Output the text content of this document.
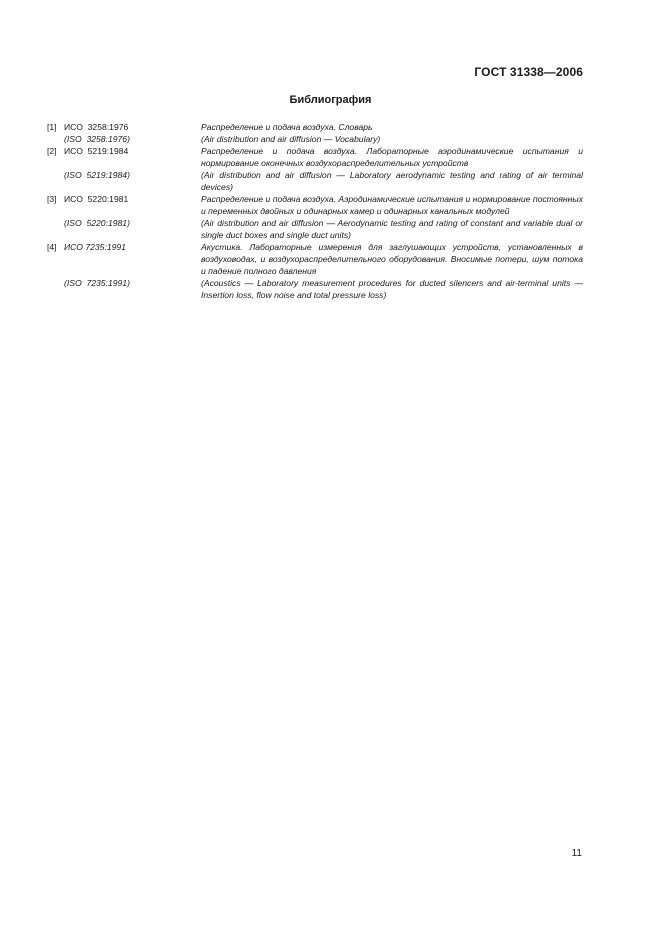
ГОСТ 31338—2006
Библиография
[1] ИСО  3258:1976	Распределение и подача воздуха. Словарь
(ISO  3258:1976)	(Air distribution and air diffusion — Vocabulary)
[2] ИСО  5219:1984	Распределение и подача воздуха. Лабораторные аэродинамические испытания и нормирование оконечных воздухораспределительных устройств
(ISO  5219:1984)	(Air distribution and air diffusion — Laboratory aerodynamic testing and rating of air terminal devices)
[3] ИСО  5220:1981	Распределение и подача воздуха. Аэродинамические испытания и нормирование постоянных и переменных двойных и одинарных камер и одинарных канальных модулей
(ISO  5220:1981)	(Air distribution and air diffusion — Aerodynamic testing and rating of constant and variable dual or single duct boxes and single duct units)
[4] ИСО 7235:1991	Акустика. Лабораторные измерения для заглушающих устройств, установленных в воздуховодах, и воздухораспределительного оборудования. Вносимые потери, шум потока и падение полного давления
(ISO  7235:1991)	(Acoustics — Laboratory measurement procedures for ducted silencers and air-terminal units — Insertion loss, flow noise and total pressure loss)
11
